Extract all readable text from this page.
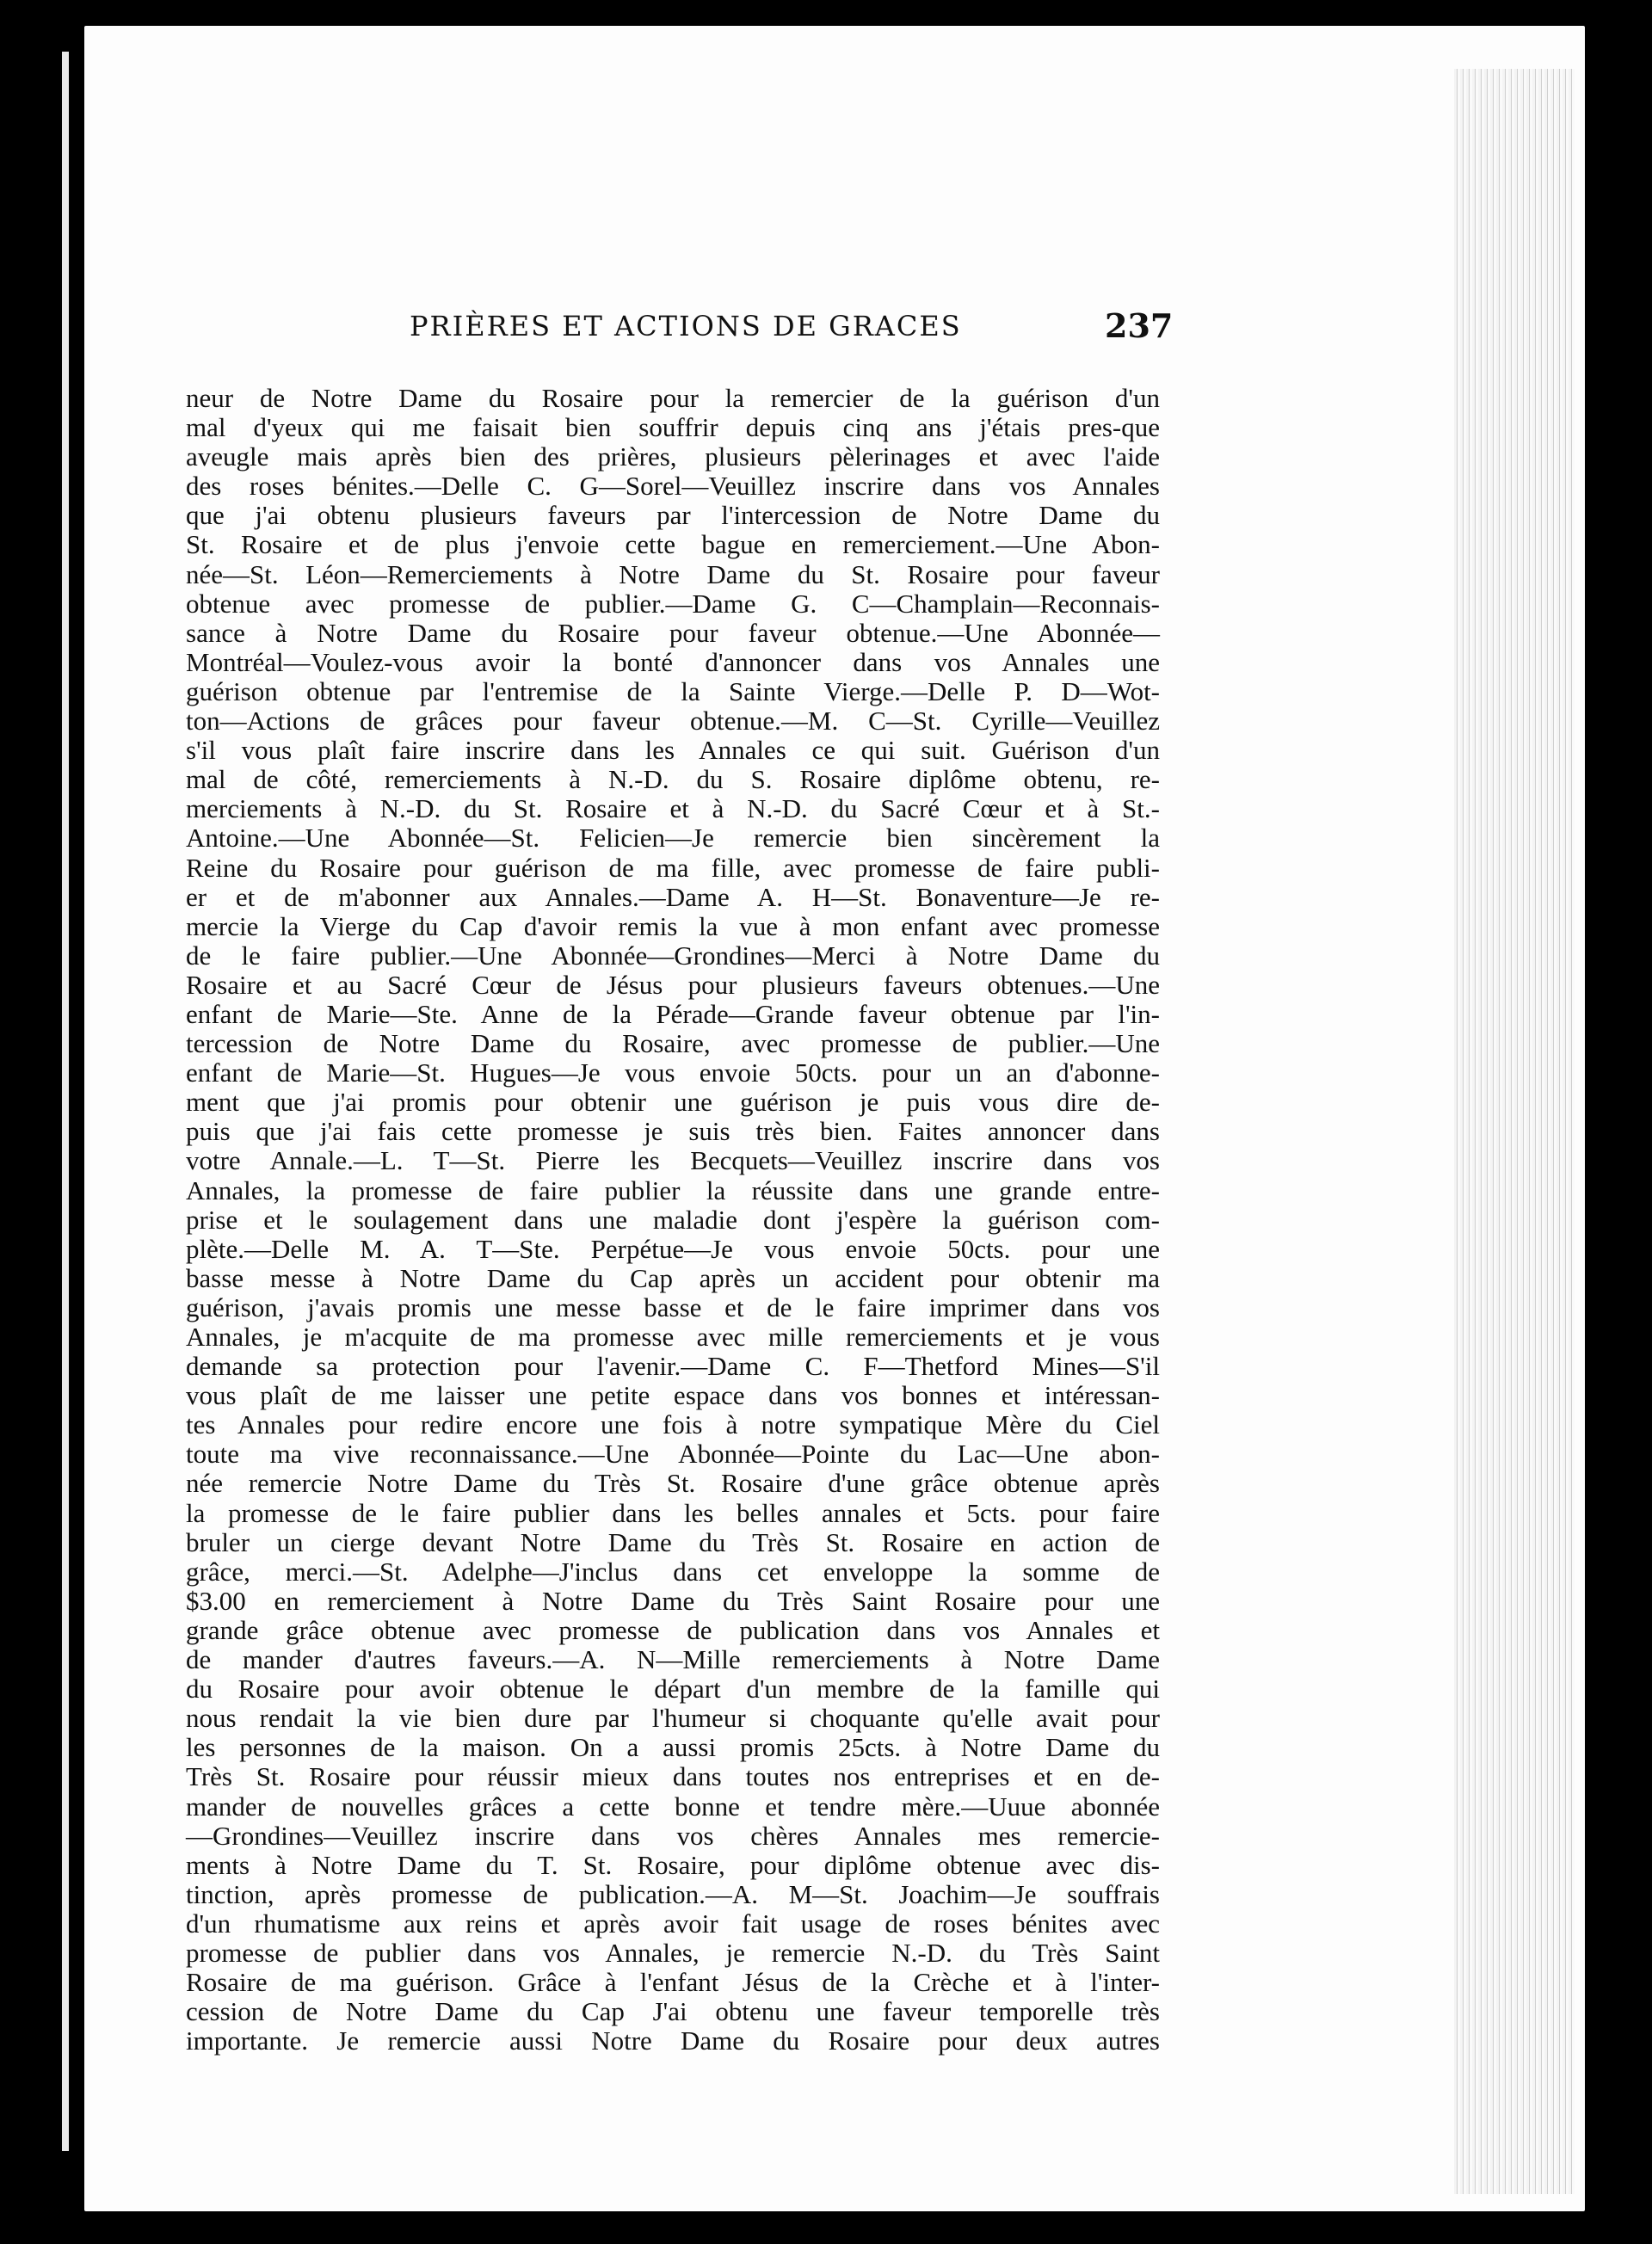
PRIÈRES ET ACTIONS DE GRACES	237
neur de Notre Dame du Rosaire pour la remercier de la guérison d'un
mal d'yeux qui me faisait bien souffrir depuis cinq ans j'étais pres-que
aveugle mais après bien des prières, plusieurs pèlerinages et avec l'aide
des roses bénites.—Delle C. G—Sorel—Veuillez inscrire dans vos Annales
que j'ai obtenu plusieurs faveurs par l'intercession de Notre Dame du
St. Rosaire et de plus j'envoie cette bague en remerciement.—Une Abon-
née—St. Léon—Remerciements à Notre Dame du St. Rosaire pour faveur
obtenue avec promesse de publier.—Dame G. C—Champlain—Reconnais-
sance à Notre Dame du Rosaire pour faveur obtenue.—Une Abonnée—
Montréal—Voulez-vous avoir la bonté d'annoncer dans vos Annales une
guérison obtenue par l'entremise de la Sainte Vierge.—Delle P. D—Wot-
ton—Actions de grâces pour faveur obtenue.—M. C—St. Cyrille—Veuillez
s'il vous plaît faire inscrire dans les Annales ce qui suit. Guérison d'un
mal de côté, remerciements à N.-D. du S. Rosaire diplôme obtenu, re-
merciements à N.-D. du St. Rosaire et à N.-D. du Sacré Cœur et à St.-
Antoine.—Une Abonnée—St. Felicien—Je remercie bien sincèrement la
Reine du Rosaire pour guérison de ma fille, avec promesse de faire publi-
er et de m'abonner aux Annales.—Dame A. H—St. Bonaventure—Je re-
mercie la Vierge du Cap d'avoir remis la vue à mon enfant avec promesse
de le faire publier.—Une Abonnée—Grondines—Merci à Notre Dame du
Rosaire et au Sacré Cœur de Jésus pour plusieurs faveurs obtenues.—Une
enfant de Marie—Ste. Anne de la Pérade—Grande faveur obtenue par l'in-
tercession de Notre Dame du Rosaire, avec promesse de publier.—Une
enfant de Marie—St. Hugues—Je vous envoie 50cts. pour un an d'abonne-
ment que j'ai promis pour obtenir une guérison je puis vous dire de-
puis que j'ai fais cette promesse je suis très bien. Faites annoncer dans
votre Annale.—L. T—St. Pierre les Becquets—Veuillez inscrire dans vos
Annales, la promesse de faire publier la réussite dans une grande entre-
prise et le soulagement dans une maladie dont j'espère la guérison com-
plète.—Delle M. A. T—Ste. Perpétue—Je vous envoie 50cts. pour une
basse messe à Notre Dame du Cap après un accident pour obtenir ma
guérison, j'avais promis une messe basse et de le faire imprimer dans vos
Annales, je m'acquite de ma promesse avec mille remerciements et je vous
demande sa protection pour l'avenir.—Dame C. F—Thetford Mines—S'il
vous plaît de me laisser une petite espace dans vos bonnes et intéressan-
tes Annales pour redire encore une fois à notre sympatique Mère du Ciel
toute ma vive reconnaissance.—Une Abonnée—Pointe du Lac—Une abon-
née remercie Notre Dame du Très St. Rosaire d'une grâce obtenue après
la promesse de le faire publier dans les belles annales et 5cts. pour faire
bruler un cierge devant Notre Dame du Très St. Rosaire en action de
grâce, merci.—St. Adelphe—J'inclus dans cet enveloppe la somme de
$3.00 en remerciement à Notre Dame du Très Saint Rosaire pour une
grande grâce obtenue avec promesse de publication dans vos Annales et
de mander d'autres faveurs.—A. N—Mille remerciements à Notre Dame
du Rosaire pour avoir obtenue le départ d'un membre de la famille qui
nous rendait la vie bien dure par l'humeur si choquante qu'elle avait pour
les personnes de la maison. On a aussi promis 25cts. à Notre Dame du
Très St. Rosaire pour réussir mieux dans toutes nos entreprises et en de-
mander de nouvelles grâces a cette bonne et tendre mère.—Uuue abonnée
—Grondines—Veuillez inscrire dans vos chères Annales mes remercie-
ments à Notre Dame du T. St. Rosaire, pour diplôme obtenue avec dis-
tinction, après promesse de publication.—A. M—St. Joachim—Je souffrais
d'un rhumatisme aux reins et après avoir fait usage de roses bénites avec
promesse de publier dans vos Annales, je remercie N.-D. du Très Saint
Rosaire de ma guérison. Grâce à l'enfant Jésus de la Crèche et à l'inter-
cession de Notre Dame du Cap J'ai obtenu une faveur temporelle très
importante. Je remercie aussi Notre Dame du Rosaire pour deux autres
